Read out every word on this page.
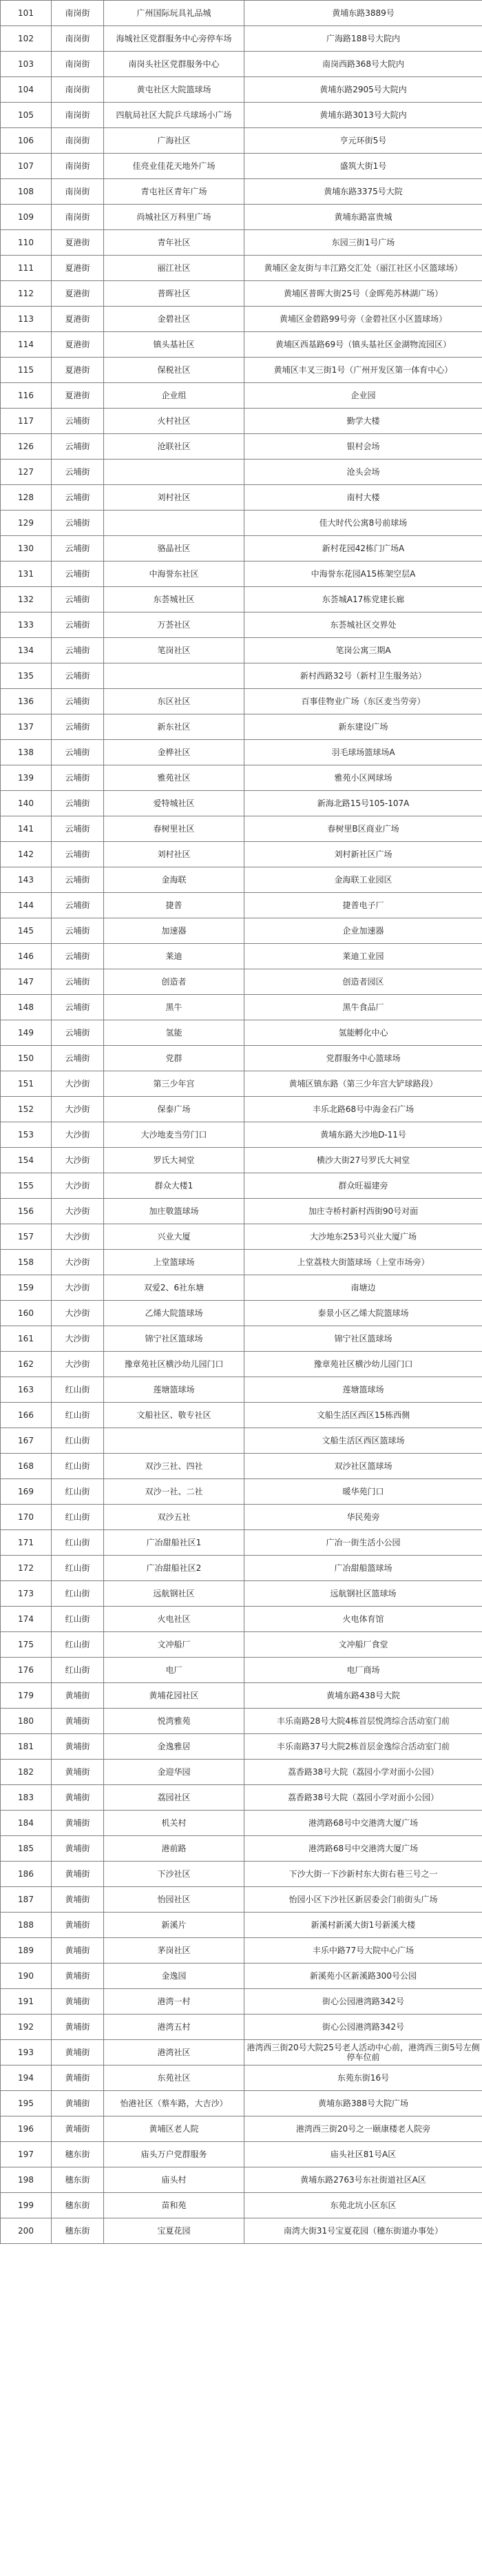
101	南岗街	广州国际玩具礼品城	黄埔东路3889号
102	南岗街	海城社区党群服务中心旁停车场	广海路188号大院内
103	南岗街	南岗头社区党群服务中心	南岗西路368号大院内
104	南岗街	黄屯社区大院篮球场	黄埔东路2905号大院内
105	南岗街	四航局社区大院乒乓球场小广场	黄埔东路3013号大院内
106	南岗街	广海社区	亨元环街5号
107	南岗街	佳亮业佳花天地外广场	盛筑大街1号
108	南岗街	青屯社区青年广场	黄埔东路3375号大院
109	南岗街	尚城社区万科里广场	黄埔东路富贵城
110	夏港街	青年社区	东园三街1号广场
111	夏港街	丽江社区	黄埔区金友街与丰江路交汇处（丽江社区小区篮球场）
112	夏港街	普晖社区	黄埔区普晖大街25号（金晖苑苏林湖广场）
113	夏港街	金碧社区	黄埔区金碧路99号旁（金碧社区小区篮球场）
114	夏港街	镇头基社区	黄埔区西基路69号（镇头基社区金湖物流园区）
115	夏港街	保税社区	黄埔区丰叉三街1号（广州开发区第一体育中心）
116	夏港街	企业组	企业园
117	云埔街	火村社区	勤学大楼
126	云埔街	沧联社区	银村会场
127	云埔街		沧头会场
128	云埔街	刘村社区	南村大楼
129	云埔街		佳大时代公寓8号前球场
130	云埔街	骆晶社区	新村花园42栋门广场A
131	云埔街	中海誉东社区	中海誉东花园A15栋架空层A
132	云埔街	东荟城社区	东荟城A17栋党建长廊
133	云埔街	万荟社区	东荟城社区交界处
134	云埔街	笔岗社区	笔岗公寓三期A
135	云埔街		新村西路32号（新村卫生服务站）
136	云埔街	东区社区	百事佳物业广场（东区麦当劳旁）
137	云埔街	新东社区	新东建设广场
138	云埔街	金桦社区	羽毛球场篮球场A
139	云埔街	雅苑社区	雅苑小区网球场
140	云埔街	爱特城社区	新海北路15号105-107A
141	云埔街	春树里社区	春树里B区商业广场
142	云埔街	刘村社区	刘村新社区广场
143	云埔街	金海联	金海联工业园区
144	云埔街	捷普	捷普电子厂
145	云埔街	加速器	企业加速器
146	云埔街	莱迪	莱迪工业园
147	云埔街	创造者	创造者园区
148	云埔街	黑牛	黑牛食品厂
149	云埔街	氢能	氢能孵化中心
150	云埔街	党群	党群服务中心篮球场
151	大沙街	第三少年宫	黄埔区镇东路（第三少年宫大铲球路段）
152	大沙街	保泰广场	丰乐北路68号中海金石广场
153	大沙街	大沙地麦当劳门口	黄埔东路大沙地D-11号
154	大沙街	罗氏大祠堂	横沙大街27号罗氏大祠堂
155	大沙街	群众大楼1	群众旺福建旁
156	大沙街	加庄敬篮球场	加庄寺桥村新村西街90号对面
157	大沙街	兴业大厦	大沙地东253号兴业大厦广场
158	大沙街	上堂篮球场	上堂荔枝大街篮球场（上堂市场旁）
159	大沙街	双爱2、6社东塘	南塘边
160	大沙街	乙烯大院篮球场	泰景小区乙烯大院篮球场
161	大沙街	锦宁社区篮球场	锦宁社区篮球场
162	大沙街	豫章苑社区横沙幼儿园门口	豫章苑社区横沙幼儿园门口
163	红山街	莲塘篮球场	莲塘篮球场
166	红山街	文船社区、敬专社区	文船生活区西区15栋西侧
167	红山街		文船生活区西区篮球场
168	红山街	双沙三社、四社	双沙社区篮球场
169	红山街	双沙一社、二社	暖华苑门口
170	红山街	双沙五社	华民苑旁
171	红山街	广冶甜船社区1	广冶一街生活小公园
172	红山街	广冶甜船社区2	广冶甜船篮球场
173	红山街	远航钢社区	远航钢社区篮球场
174	红山街	火电社区	火电体育馆
175	红山街	文冲船厂	文冲船厂食堂
176	红山街	电厂	电厂商场
179	黄埔街	黄埔花园社区	黄埔东路438号大院
180	黄埔街	悦湾雅苑	丰乐南路28号大院4栋首层悦湾综合活动室门前
181	黄埔街	金逸雅居	丰乐南路37号大院2栋首层金逸综合活动室门前
182	黄埔街	金迎华园	荔香路38号大院（荔园小学对面小公园）
183	黄埔街	荔园社区	荔香路38号大院（荔园小学对面小公园）
184	黄埔街	机关村	港湾路68号中交港湾大厦广场
185	黄埔街	港前路	港湾路68号中交港湾大厦广场
186	黄埔街	下沙社区	下沙大街一下沙新村东大街右巷三号之一
187	黄埔街	怡园社区	怡园小区下沙社区新居委会门前街头广场
188	黄埔街	新溪片	新溪村新溪大街1号新溪大楼
189	黄埔街	茅岗社区	丰乐中路77号大院中心广场
190	黄埔街	金逸园	新溪苑小区新溪路300号公园
191	黄埔街	港湾一村	街心公园港湾路342号
192	黄埔街	港湾五村	街心公园港湾路342号
193	黄埔街	港湾社区	港湾西三街20号大院25号老人活动中心前，港湾西三街5号左侧停车位前
194	黄埔街	东苑社区	东苑东街16号
195	黄埔街	怡港社区（蔡车路，大吉沙）	黄埔东路388号大院广场
196	黄埔街	黄埔区老人院	港湾西三街20号之一颐康楼老人院旁
197	穗东街	庙头万户党群服务	庙头社区81号A区
198	穗东街	庙头村	黄埔东路2763号东社街道社区A区
199	穗东街	苗和苑	东苑北坑小区东区
200	穗东街	宝夏花园	南湾大街31号宝夏花园（穗东街道办事处）
